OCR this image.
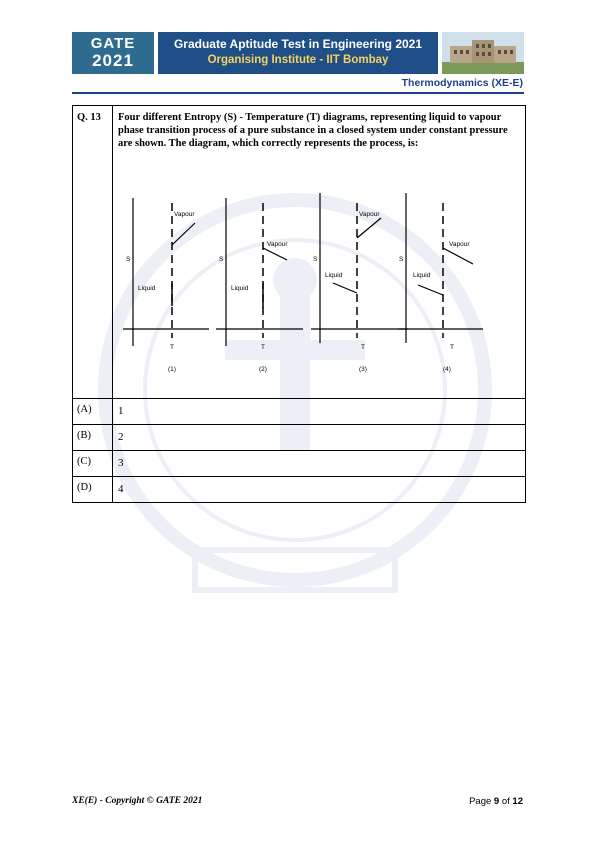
GATE
2021
Graduate Aptitude Test in Engineering 2021
Organising Institute - IIT Bombay
Thermodynamics (XE-E)
Q. 13	Four different Entropy (S) - Temperature (T) diagrams, representing liquid to vapour phase transition process of a pure substance in a closed system under constant pressure are shown. The diagram, which correctly represents the process, is:
S
T
Vapour
Liquid
(1)
S
T
Vapour
Liquid
(2)
S
T
Vapour
Liquid
(3)
S
T
Vapour
Liquid
(4)
(A)	1
(B)	2
(C)	3
(D)	4
XE(E) - Copyright © GATE 2021	Page 9 of 12
